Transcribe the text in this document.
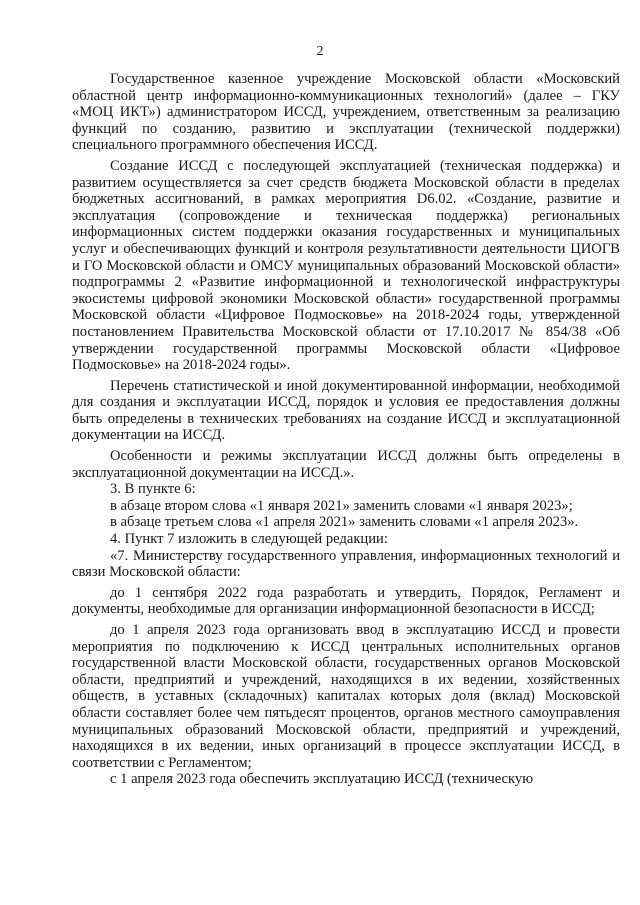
2

Государственное казенное учреждение Московской области «Московский областной центр информационно-коммуникационных технологий» (далее – ГКУ «МОЦ ИКТ») администратором ИССД, учреждением, ответственным за реализацию функций по созданию, развитию и эксплуатации (технической поддержки) специального программного обеспечения ИССД.

Создание ИССД с последующей эксплуатацией (техническая поддержка) и развитием осуществляется за счет средств бюджета Московской области в пределах бюджетных ассигнований, в рамках мероприятия D6.02. «Создание, развитие и эксплуатация (сопровождение и техническая поддержка) региональных информационных систем поддержки оказания государственных и муниципальных услуг и обеспечивающих функций и контроля результативности деятельности ЦИОГВ и ГО Московской области и ОМСУ муниципальных образований Московской области» подпрограммы 2 «Развитие информационной и технологической инфраструктуры экосистемы цифровой экономики Московской области» государственной программы Московской области «Цифровое Подмосковье» на 2018-2024 годы, утвержденной постановлением Правительства Московской области от 17.10.2017 № 854/38 «Об утверждении государственной программы Московской области «Цифровое Подмосковье» на 2018-2024 годы».

Перечень статистической и иной документированной информации, необходимой для создания и эксплуатации ИССД, порядок и условия ее предоставления должны быть определены в технических требованиях на создание ИССД и эксплуатационной документации на ИССД.

Особенности и режимы эксплуатации ИССД должны быть определены в эксплуатационной документации на ИССД.».

3. В пункте 6:

в абзаце втором слова «1 января 2021» заменить словами «1 января 2023»;

в абзаце третьем слова «1 апреля 2021» заменить словами «1 апреля 2023».

4. Пункт 7 изложить в следующей редакции:

«7. Министерству государственного управления, информационных технологий и связи Московской области:

до 1 сентября 2022 года разработать и утвердить, Порядок, Регламент и документы, необходимые для организации информационной безопасности в ИССД;

до 1 апреля 2023 года организовать ввод в эксплуатацию ИССД и провести мероприятия по подключению к ИССД центральных исполнительных органов государственной власти Московской области, государственных органов Московской области, предприятий и учреждений, находящихся в их ведении, хозяйственных обществ, в уставных (складочных) капиталах которых доля (вклад) Московской области составляет более чем пятьдесят процентов, органов местного самоуправления муниципальных образований Московской области, предприятий и учреждений, находящихся в их ведении, иных организаций в процессе эксплуатации ИССД, в соответствии с Регламентом;

с 1 апреля 2023 года обеспечить эксплуатацию ИССД (техническую
